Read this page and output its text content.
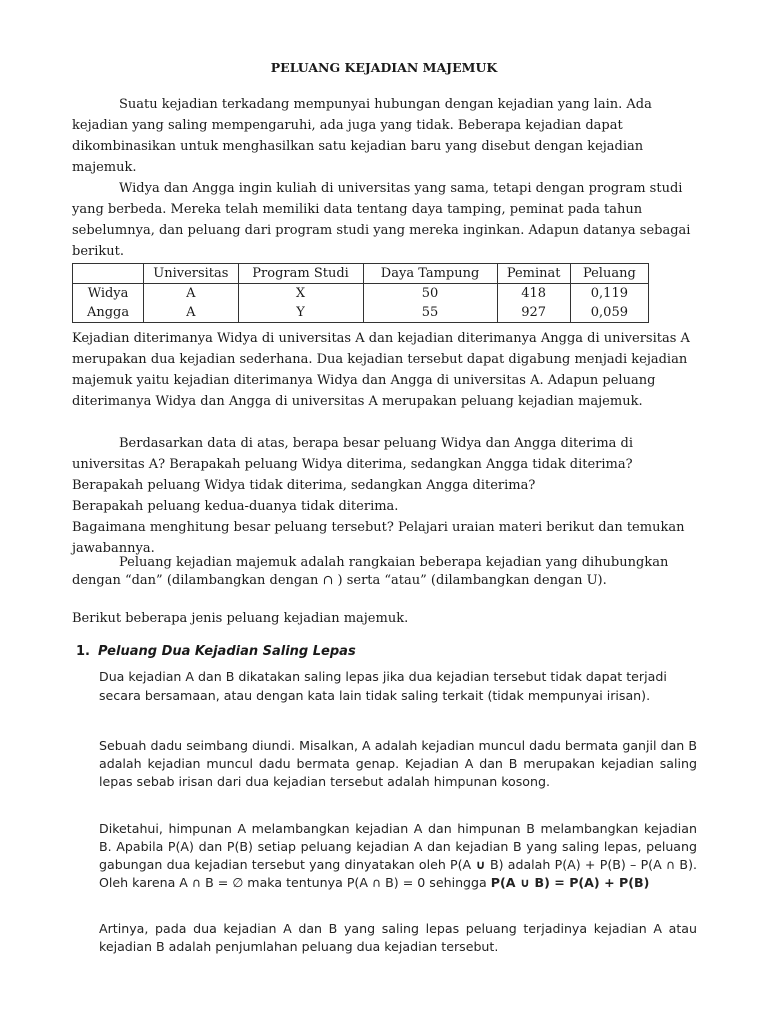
PELUANG KEJADIAN MAJEMUK

Suatu kejadian terkadang mempunyai hubungan dengan kejadian yang lain. Ada kejadian yang saling mempengaruhi, ada juga yang tidak. Beberapa kejadian dapat dikombinasikan untuk menghasilkan satu kejadian baru yang disebut dengan kejadian majemuk.

Widya dan Angga ingin kuliah di universitas yang sama, tetapi dengan program studi yang berbeda. Mereka telah memiliki data tentang daya tamping, peminat pada tahun sebelumnya, dan peluang dari program studi yang mereka inginkan. Adapun datanya sebagai berikut.

	Universitas	Program Studi	Daya Tampung	Peminat	Peluang
Widya	A	X	50	418	0,119
Angga	A	Y	55	927	0,059

Kejadian diterimanya Widya di universitas A dan kejadian diterimanya Angga di universitas A merupakan dua kejadian sederhana. Dua kejadian tersebut dapat digabung menjadi kejadian majemuk yaitu kejadian diterimanya Widya dan Angga di universitas A. Adapun peluang diterimanya Widya dan Angga di universitas A merupakan peluang kejadian majemuk.

Berdasarkan data di atas, berapa besar peluang Widya dan Angga diterima di universitas A? Berapakah peluang Widya diterima, sedangkan Angga tidak diterima? Berapakah peluang Widya tidak diterima, sedangkan Angga diterima?

Berapakah peluang kedua-duanya tidak diterima.

Bagaimana menghitung besar peluang tersebut? Pelajari uraian materi berikut dan temukan jawabannya.

Peluang kejadian majemuk adalah rangkaian beberapa kejadian yang dihubungkan dengan “dan” (dilambangkan dengan ∩ ) serta “atau” (dilambangkan dengan U).

Berikut beberapa jenis peluang kejadian majemuk.

1. Peluang Dua Kejadian Saling Lepas

Dua kejadian A dan B dikatakan saling lepas jika dua kejadian tersebut tidak dapat terjadi secara bersamaan, atau dengan kata lain tidak saling terkait (tidak mempunyai irisan).

Sebuah dadu seimbang diundi. Misalkan, A adalah kejadian muncul dadu bermata ganjil dan B adalah kejadian muncul dadu bermata genap. Kejadian A dan B merupakan kejadian saling lepas sebab irisan dari dua kejadian tersebut adalah himpunan kosong.

Diketahui, himpunan A melambangkan kejadian A dan himpunan B melambangkan kejadian B. Apabila P(A) dan P(B) setiap peluang kejadian A dan kejadian B yang saling lepas, peluang gabungan dua kejadian tersebut yang dinyatakan oleh P(A ∪ B) adalah P(A) + P(B) – P(A ∩ B). Oleh karena A ∩ B = ∅ maka tentunya P(A ∩ B) = 0 sehingga P(A ∪ B) = P(A) + P(B)

Artinya, pada dua kejadian A dan B yang saling lepas peluang terjadinya kejadian A atau kejadian B adalah penjumlahan peluang dua kejadian tersebut.
